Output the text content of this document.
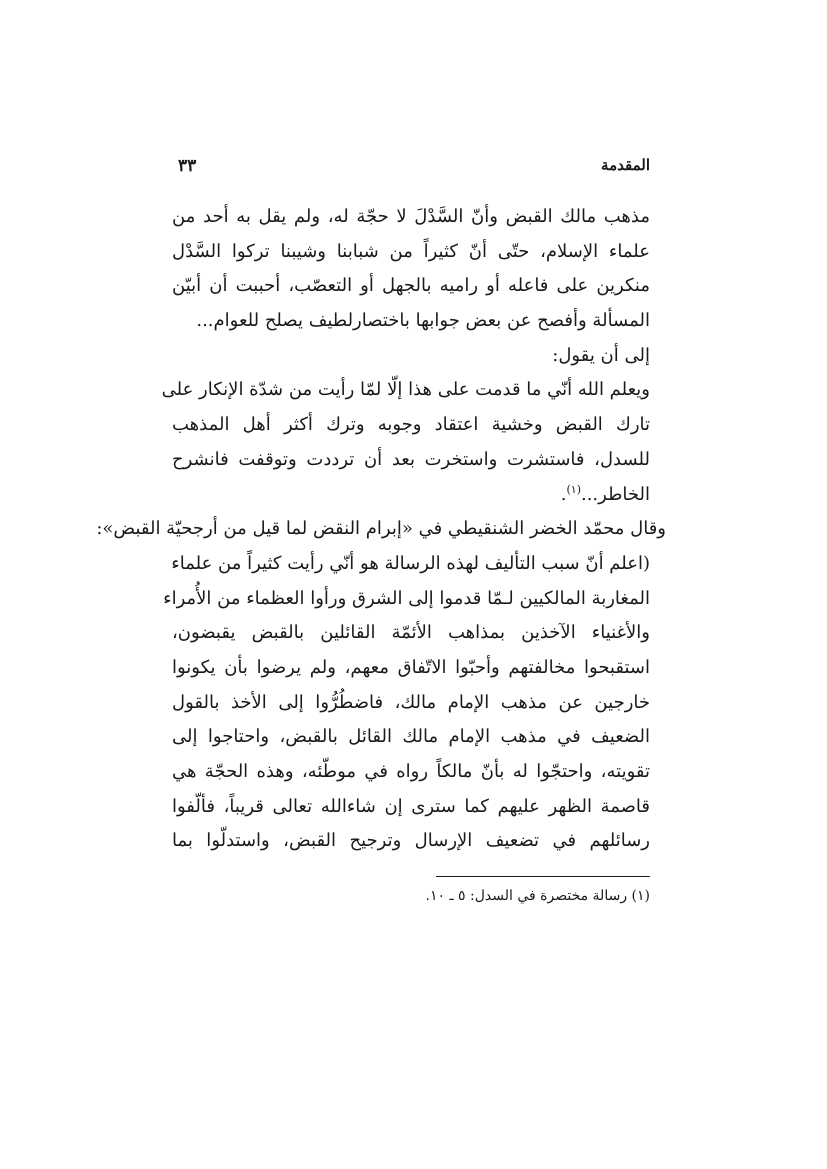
المقدمة
٣٣
مذهب مالك القبض وأنّ السَّدْلَ لا حجّة له، ولم يقل به أحد من
علماء الإسلام، حتّى أنّ كثيراً من شبابنا وشيبنا تركوا السَّدْل
منكرين على فاعله أو راميه بالجهل أو التعصّب، أحببت أن أبيّن
المسألة وأفصح عن بعض جوابها باختصارلطيف يصلح للعوام...
إلى أن يقول:
ويعلم الله أنّي ما قدمت على هذا إلّا لمّا رأيت من شدّة الإنكار على
تارك القبض وخشية اعتقاد وجوبه وترك أكثر أهل المذهب
للسدل، فاستشرت واستخرت بعد أن ترددت وتوقفت فانشرح
الخاطر...$^{(١)}$.
وقال محمّد الخضر الشنقيطي في «إبرام النقض لما قيل من أرجحيّة القبض»:
(اعلم أنّ سبب التأليف لهذه الرسالة هو أنّي رأيت كثيراً من علماء
المغاربة المالكيين لـمّا قدموا إلى الشرق ورأوا العظماء من الأُمراء
والأغنياء الآخذين بمذاهب الأئمّة القائلين بالقبض يقبضون،
استقبحوا مخالفتهم وأحبّوا الاتّفاق معهم، ولم يرضوا بأن يكونوا
خارجين عن مذهب الإمام مالك، فاضطُرُّوا إلى الأخذ بالقول
الضعيف في مذهب الإمام مالك القائل بالقبض، واحتاجوا إلى
تقويته، واحتجّوا له بأنّ مالكاً رواه في موطّئه، وهذه الحجّة هي
قاصمة الظهر عليهم كما سترى إن شاءالله تعالى قريباً، فألّفوا
رسائلهم في تضعيف الإرسال وترجيح القبض، واستدلّوا بما
(١) رسالة مختصرة في السدل: ٥ ـ ١٠.
